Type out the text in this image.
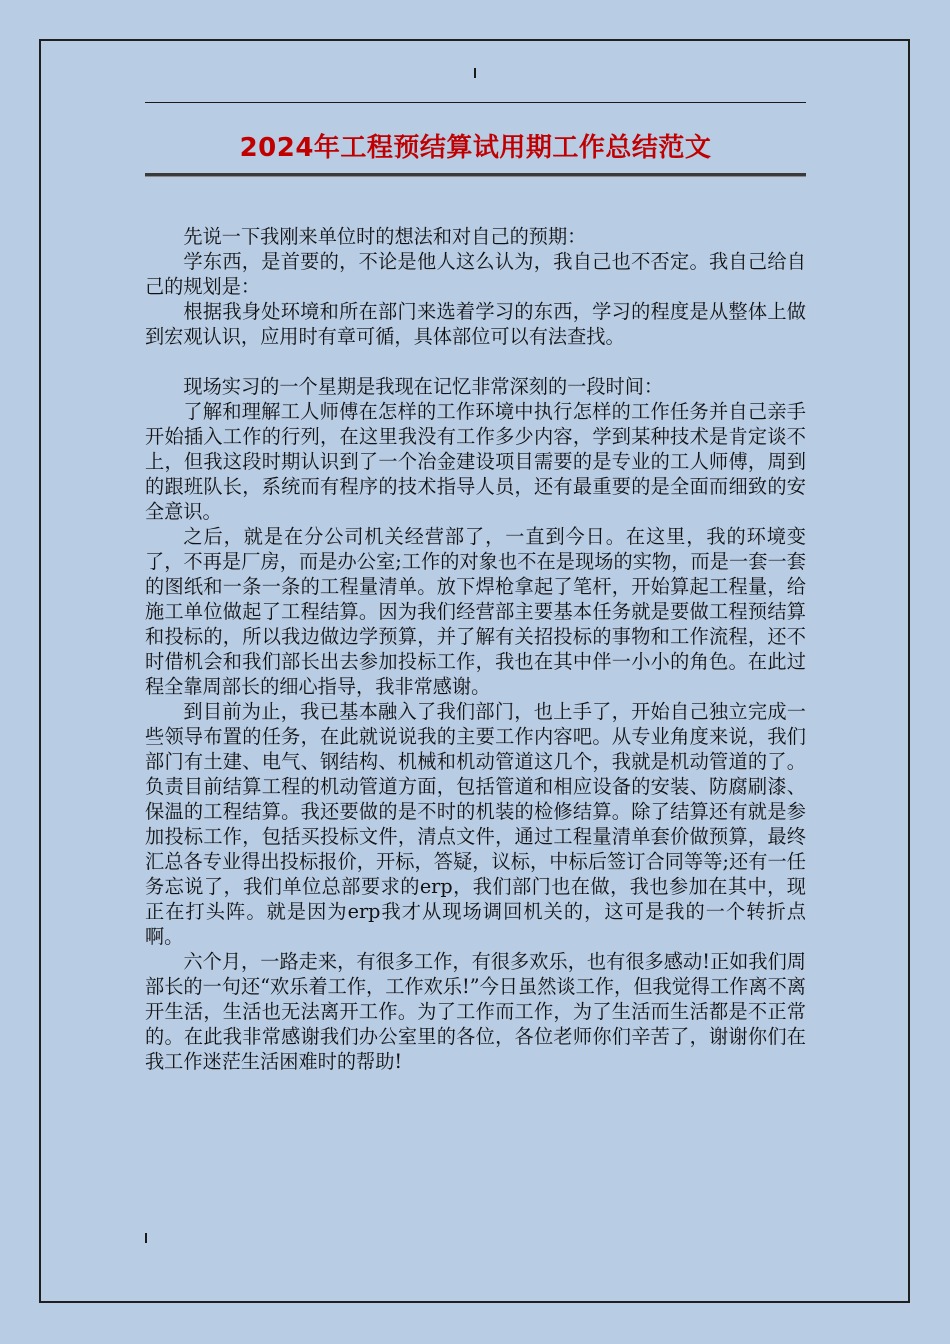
2024年工程预结算试用期工作总结范文

先说一下我刚来单位时的想法和对自己的预期：

学东西，是首要的，不论是他人这么认为，我自己也不否定。我自己给自己的规划是：

根据我身处环境和所在部门来选着学习的东西，学习的程度是从整体上做到宏观认识，应用时有章可循，具体部位可以有法查找。

现场实习的一个星期是我现在记忆非常深刻的一段时间：

了解和理解工人师傅在怎样的工作环境中执行怎样的工作任务并自己亲手开始插入工作的行列，在这里我没有工作多少内容，学到某种技术是肯定谈不上，但我这段时期认识到了一个冶金建设项目需要的是专业的工人师傅，周到的跟班队长，系统而有程序的技术指导人员，还有最重要的是全面而细致的安全意识。

之后，就是在分公司机关经营部了，一直到今日。在这里，我的环境变了，不再是厂房，而是办公室;工作的对象也不在是现场的实物，而是一套一套的图纸和一条一条的工程量清单。放下焊枪拿起了笔杆，开始算起工程量，给施工单位做起了工程结算。因为我们经营部主要基本任务就是要做工程预结算和投标的，所以我边做边学预算，并了解有关招投标的事物和工作流程，还不时借机会和我们部长出去参加投标工作，我也在其中伴一小小的角色。在此过程全靠周部长的细心指导，我非常感谢。

到目前为止，我已基本融入了我们部门，也上手了，开始自己独立完成一些领导布置的任务，在此就说说我的主要工作内容吧。从专业角度来说，我们部门有土建、电气、钢结构、机械和机动管道这几个，我就是机动管道的了。负责目前结算工程的机动管道方面，包括管道和相应设备的安装、防腐刷漆、保温的工程结算。我还要做的是不时的机装的检修结算。除了结算还有就是参加投标工作，包括买投标文件，清点文件，通过工程量清单套价做预算，最终汇总各专业得出投标报价，开标，答疑，议标，中标后签订合同等等;还有一任务忘说了，我们单位总部要求的erp，我们部门也在做，我也参加在其中，现正在打头阵。就是因为erp我才从现场调回机关的，这可是我的一个转折点啊。

六个月，一路走来，有很多工作，有很多欢乐，也有很多感动!正如我们周部长的一句还“欢乐着工作，工作欢乐!”今日虽然谈工作，但我觉得工作离不离开生活，生活也无法离开工作。为了工作而工作，为了生活而生活都是不正常的。在此我非常感谢我们办公室里的各位，各位老师你们辛苦了，谢谢你们在我工作迷茫生活困难时的帮助!
